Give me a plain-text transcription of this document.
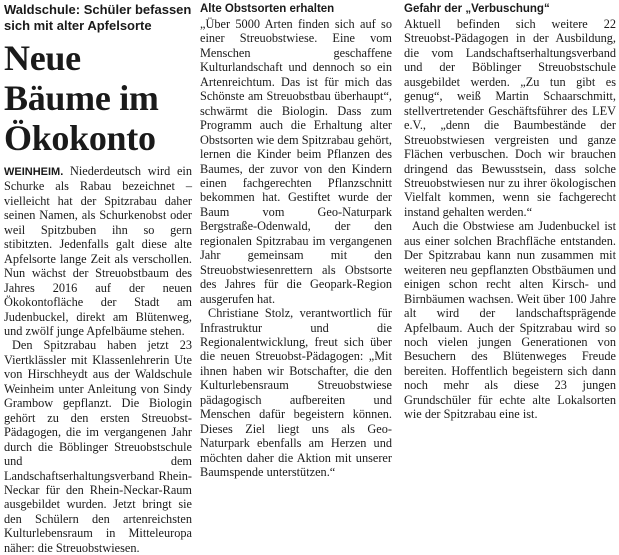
Waldschule: Schüler befassen sich mit alter Apfelsorte
Neue Bäume im Ökokonto

WEINHEIM. Niederdeutsch wird ein Schurke als Rabau bezeichnet – vielleicht hat der Spitzrabau daher seinen Namen, als Schurkenobst oder weil Spitzbuben ihn so gern stibitzten. Jedenfalls galt diese alte Apfelsorte lange Zeit als verschollen. Nun wächst der Streuobstbaum des Jahres 2016 auf der neuen Ökokontofläche der Stadt am Judenbuckel, direkt am Blütenweg, und zwölf junge Apfelbäume stehen.

Den Spitzrabau haben jetzt 23 Viertklässler mit Klassenlehrerin Ute von Hirschheydt aus der Waldschule Weinheim unter Anleitung von Sindy Grambow gepflanzt. Die Biologin gehört zu den ersten Streuobst-Pädagogen, die im vergangenen Jahr durch die Böblinger Streuobstschule und dem Landschaftserhaltungsverband Rhein-Neckar für den Rhein-Neckar-Raum ausgebildet wurden. Jetzt bringt sie den Schülern den artenreichsten Kulturlebensraum in Mitteleuropa näher: die Streuobstwiesen.

Alte Obstsorten erhalten

„Über 5000 Arten finden sich auf so einer Streuobstwiese. Eine vom Menschen geschaffene Kulturlandschaft und dennoch so ein Artenreichtum. Das ist für mich das Schönste am Streuobstbau überhaupt“, schwärmt die Biologin. Dass zum Programm auch die Erhaltung alter Obstsorten wie dem Spitzrabau gehört, lernen die Kinder beim Pflanzen des Baumes, der zuvor von den Kindern einen fachgerechten Pflanzschnitt bekommen hat. Gestiftet wurde der Baum vom Geo-Naturpark Bergstraße-Odenwald, der den regionalen Spitzrabau im vergangenen Jahr gemeinsam mit den Streuobstwiesenrettern als Obstsorte des Jahres für die Geopark-Region ausgerufen hat.

Christiane Stolz, verantwortlich für Infrastruktur und die Regionalentwicklung, freut sich über die neuen Streuobst-Pädagogen: „Mit ihnen haben wir Botschafter, die den Kulturlebensraum Streuobstwiese pädagogisch aufbereiten und Menschen dafür begeistern können. Dieses Ziel liegt uns als Geo-Naturpark ebenfalls am Herzen und möchten daher die Aktion mit unserer Baumspende unterstützen.“

Gefahr der „Verbuschung“

Aktuell befinden sich weitere 22 Streuobst-Pädagogen in der Ausbildung, die vom Landschaftserhaltungsverband und der Böblinger Streuobstschule ausgebildet werden. „Zu tun gibt es genug“, weiß Martin Schaarschmitt, stellvertretender Geschäftsführer des LEV e.V., „denn die Baumbestände der Streuobstwiesen vergreisten und ganze Flächen verbuschen. Doch wir brauchen dringend das Bewusstsein, dass solche Streuobstwiesen nur zu ihrer ökologischen Vielfalt kommen, wenn sie fachgerecht instand gehalten werden.“

Auch die Obstwiese am Judenbuckel ist aus einer solchen Brachfläche entstanden. Der Spitzrabau kann nun zusammen mit weiteren neu gepflanzten Obstbäumen und einigen schon recht alten Kirsch- und Birnbäumen wachsen. Weit über 100 Jahre alt wird der landschaftsprägende Apfelbaum. Auch der Spitzrabau wird so noch vielen jungen Generationen von Besuchern des Blütenweges Freude bereiten. Hoffentlich begeistern sich dann noch mehr als diese 23 jungen Grundschüler für echte alte Lokalsorten wie der Spitzrabau eine ist.
